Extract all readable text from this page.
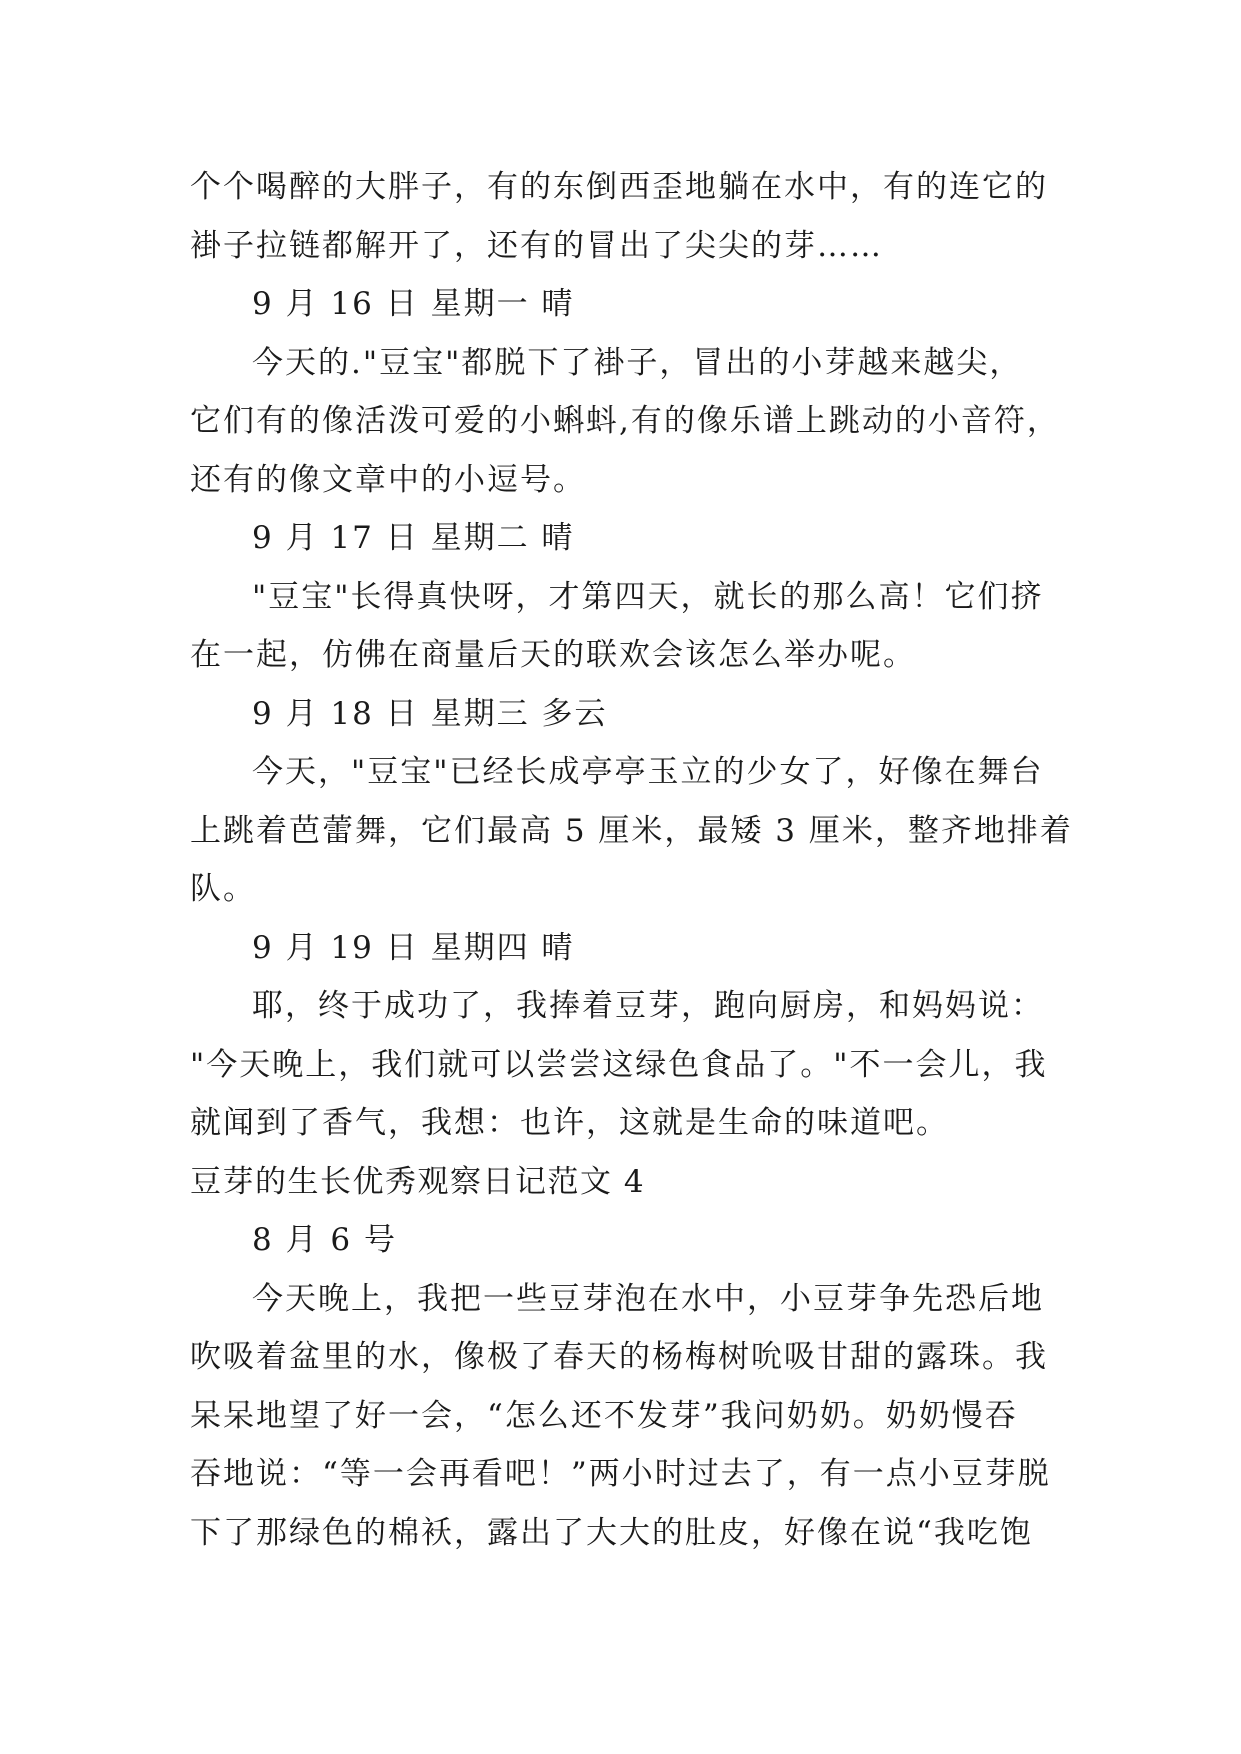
个个喝醉的大胖子，有的东倒西歪地躺在水中，有的连它的
褂子拉链都解开了，还有的冒出了尖尖的芽……
9 月 16 日 星期一 晴
今天的."豆宝"都脱下了褂子，冒出的小芽越来越尖，
它们有的像活泼可爱的小蝌蚪,有的像乐谱上跳动的小音符，
还有的像文章中的小逗号。
9 月 17 日 星期二 晴
"豆宝"长得真快呀，才第四天，就长的那么高！它们挤
在一起，仿佛在商量后天的联欢会该怎么举办呢。
9 月 18 日 星期三 多云
今天，"豆宝"已经长成亭亭玉立的少女了，好像在舞台
上跳着芭蕾舞，它们最高 5 厘米，最矮 3 厘米，整齐地排着
队。
9 月 19 日 星期四 晴
耶，终于成功了，我捧着豆芽，跑向厨房，和妈妈说：
"今天晚上，我们就可以尝尝这绿色食品了。"不一会儿，我
就闻到了香气，我想：也许，这就是生命的味道吧。
豆芽的生长优秀观察日记范文 4
8 月 6 号
今天晚上，我把一些豆芽泡在水中，小豆芽争先恐后地
吹吸着盆里的水，像极了春天的杨梅树吮吸甘甜的露珠。我
呆呆地望了好一会，“怎么还不发芽”我问奶奶。奶奶慢吞
吞地说：“等一会再看吧！”两小时过去了，有一点小豆芽脱
下了那绿色的棉袄，露出了大大的肚皮，好像在说“我吃饱
